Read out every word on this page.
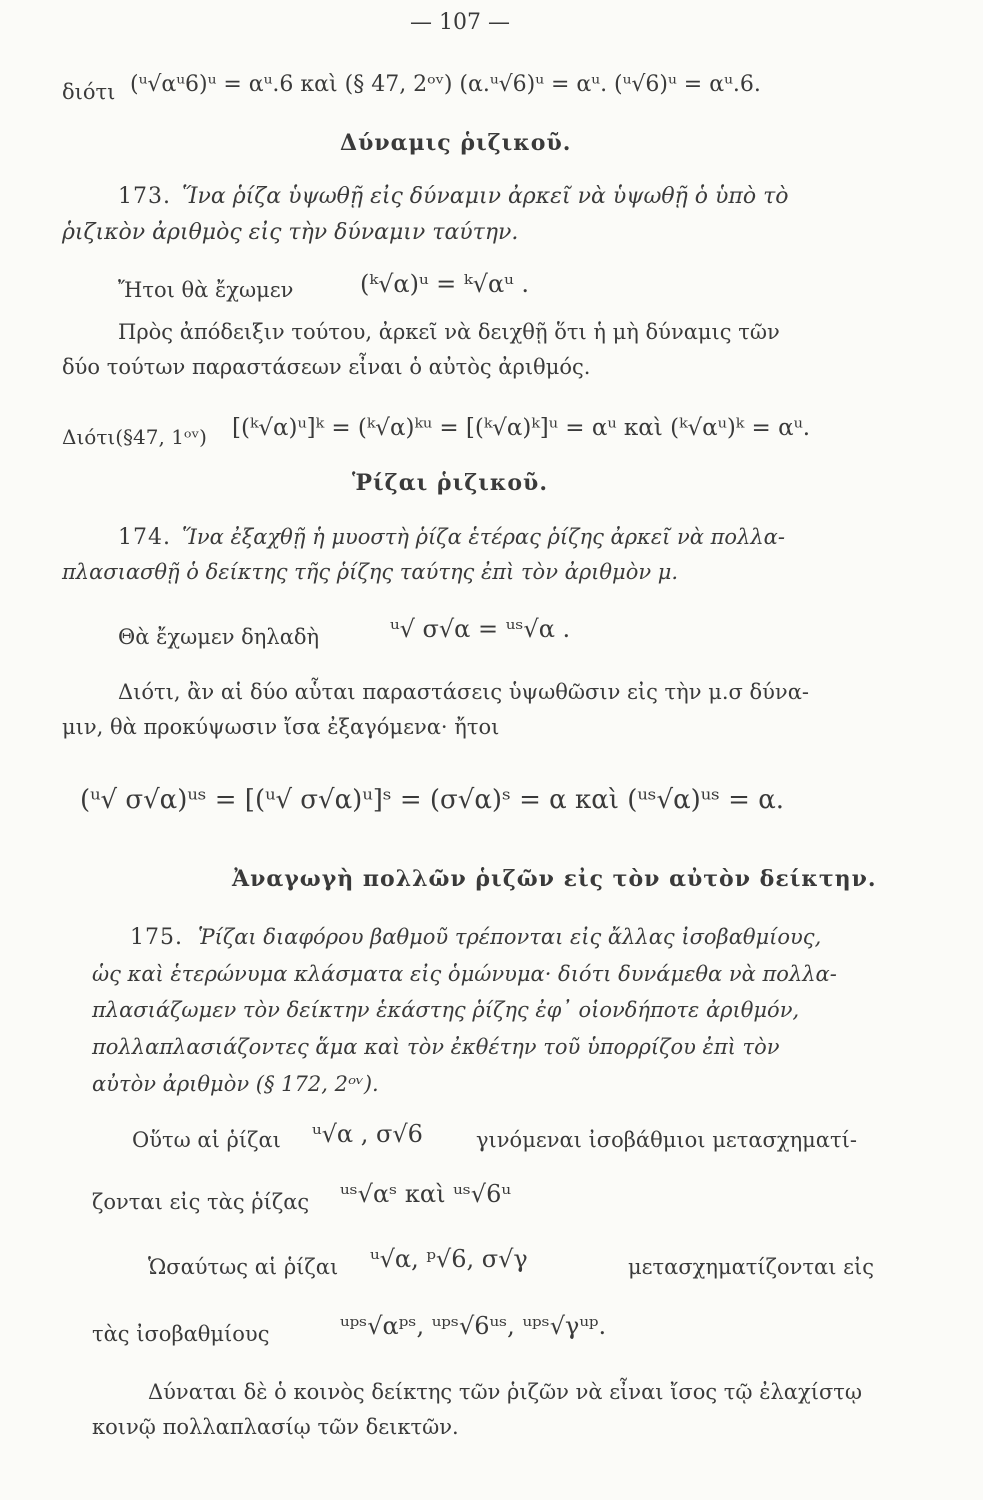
— 107 —
διότι (ᵘ√αᵘ6)ᵘ = αᵘ.6 καὶ (§ 47, 2ᵒᵛ) (α.ᵘ√6)ᵘ = αᵘ. (ᵘ√6)ᵘ = αᵘ.6.
Δύναμις ῥιζικοῦ.
173. Ἵνα ῥίζα ὑψωθῇ εἰς δύναμιν ἀρκεῖ νὰ ὑψωθῇ ὁ ὑπὸ τὸ
ῥιζικὸν ἀριθμὸς εἰς τὴν δύναμιν ταύτην.
Ἤτοι θὰ ἔχωμεν	(ᵏ√α)ᵘ = ᵏ√αᵘ .
Πρὸς ἀπόδειξιν τούτου, ἀρκεῖ νὰ δειχθῇ ὅτι ἡ μὴ δύναμις τῶν
δύο τούτων παραστάσεων εἶναι ὁ αὐτὸς ἀριθμός.
Διότι(§47, 1ᵒᵛ) [(ᵏ√α)ᵘ]ᵏ = (ᵏ√α)ᵏᵘ = [(ᵏ√α)ᵏ]ᵘ = αᵘ καὶ (ᵏ√αᵘ)ᵏ = αᵘ.
Ῥίζαι ῥιζικοῦ.
174. Ἵνα ἐξαχθῇ ἡ μυοστὴ ῥίζα ἑτέρας ῥίζης ἀρκεῖ νὰ πολλα-
πλασιασθῇ ὁ δείκτης τῆς ῥίζης ταύτης ἐπὶ τὸν ἀριθμὸν μ.
Θὰ ἔχωμεν δηλαδὴ	ᵘ√ σ√α = ᵘˢ√α .
Διότι, ἂν αἱ δύο αὗται παραστάσεις ὑψωθῶσιν εἰς τὴν μ.σ δύνα-
μιν, θὰ προκύψωσιν ἴσα ἐξαγόμενα· ἤτοι
(ᵘ√ σ√α)ᵘˢ = [(ᵘ√ σ√α)ᵘ]ˢ = (σ√α)ˢ = α καὶ (ᵘˢ√α)ᵘˢ = α.
Ἀναγωγὴ πολλῶν ῥιζῶν εἰς τὸν αὐτὸν δείκτην.
175. Ῥίζαι διαφόρου βαθμοῦ τρέπονται εἰς ἄλλας ἰσοβαθμίους,
ὡς καὶ ἑτερώνυμα κλάσματα εἰς ὁμώνυμα· διότι δυνάμεθα νὰ πολλα-
πλασιάζωμεν τὸν δείκτην ἑκάστης ῥίζης ἐφ᾽ οἱονδήποτε ἀριθμόν,
πολλαπλασιάζοντες ἅμα καὶ τὸν ἐκθέτην τοῦ ὑπορρίζου ἐπὶ τὸν
αὐτὸν ἀριθμὸν (§ 172, 2ᵒᵛ).
Οὕτω αἱ ῥίζαι ᵘ√α , σ√6	γινόμεναι ἰσοβάθμιοι μετασχηματί-
ζονται εἰς τὰς ῥίζας ᵘˢ√αˢ καὶ ᵘˢ√6ᵘ
Ὡσαύτως αἱ ῥίζαι ᵘ√α, ᵖ√6, σ√γ	μετασχηματίζονται εἰς
τὰς ἰσοβαθμίους	ᵘᵖˢ√αᵖˢ, ᵘᵖˢ√6ᵘˢ, ᵘᵖˢ√γᵘᵖ.
Δύναται δὲ ὁ κοινὸς δείκτης τῶν ῥιζῶν νὰ εἶναι ἴσος τῷ ἐλαχίστῳ
κοινῷ πολλαπλασίῳ τῶν δεικτῶν.
